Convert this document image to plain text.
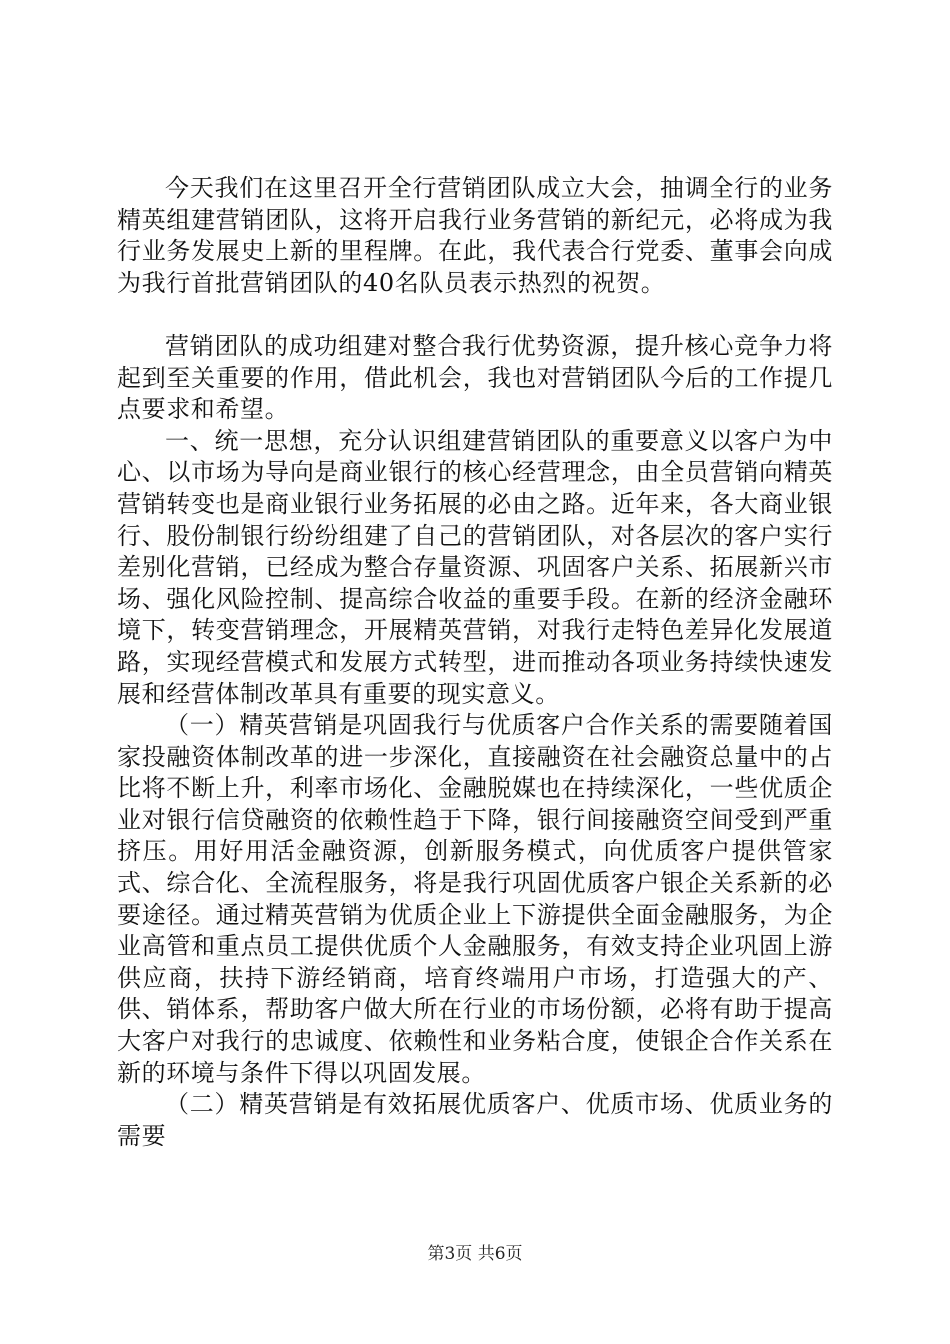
今天我们在这里召开全行营销团队成立大会，抽调全行的业务精英组建营销团队，这将开启我行业务营销的新纪元，必将成为我行业务发展史上新的里程牌。在此，我代表合行党委、董事会向成为我行首批营销团队的40名队员表示热烈的祝贺。

营销团队的成功组建对整合我行优势资源，提升核心竞争力将起到至关重要的作用，借此机会，我也对营销团队今后的工作提几点要求和希望。

一、统一思想，充分认识组建营销团队的重要意义以客户为中心、以市场为导向是商业银行的核心经营理念，由全员营销向精英营销转变也是商业银行业务拓展的必由之路。近年来，各大商业银行、股份制银行纷纷组建了自己的营销团队，对各层次的客户实行差别化营销，已经成为整合存量资源、巩固客户关系、拓展新兴市场、强化风险控制、提高综合收益的重要手段。在新的经济金融环境下，转变营销理念，开展精英营销，对我行走特色差异化发展道路，实现经营模式和发展方式转型，进而推动各项业务持续快速发展和经营体制改革具有重要的现实意义。

（一）精英营销是巩固我行与优质客户合作关系的需要随着国家投融资体制改革的进一步深化，直接融资在社会融资总量中的占比将不断上升，利率市场化、金融脱媒也在持续深化，一些优质企业对银行信贷融资的依赖性趋于下降，银行间接融资空间受到严重挤压。用好用活金融资源，创新服务模式，向优质客户提供管家式、综合化、全流程服务，将是我行巩固优质客户银企关系新的必要途径。通过精英营销为优质企业上下游提供全面金融服务，为企业高管和重点员工提供优质个人金融服务，有效支持企业巩固上游供应商，扶持下游经销商，培育终端用户市场，打造强大的产、供、销体系，帮助客户做大所在行业的市场份额，必将有助于提高大客户对我行的忠诚度、依赖性和业务粘合度，使银企合作关系在新的环境与条件下得以巩固发展。

（二）精英营销是有效拓展优质客户、优质市场、优质业务的需要

第3页 共6页
